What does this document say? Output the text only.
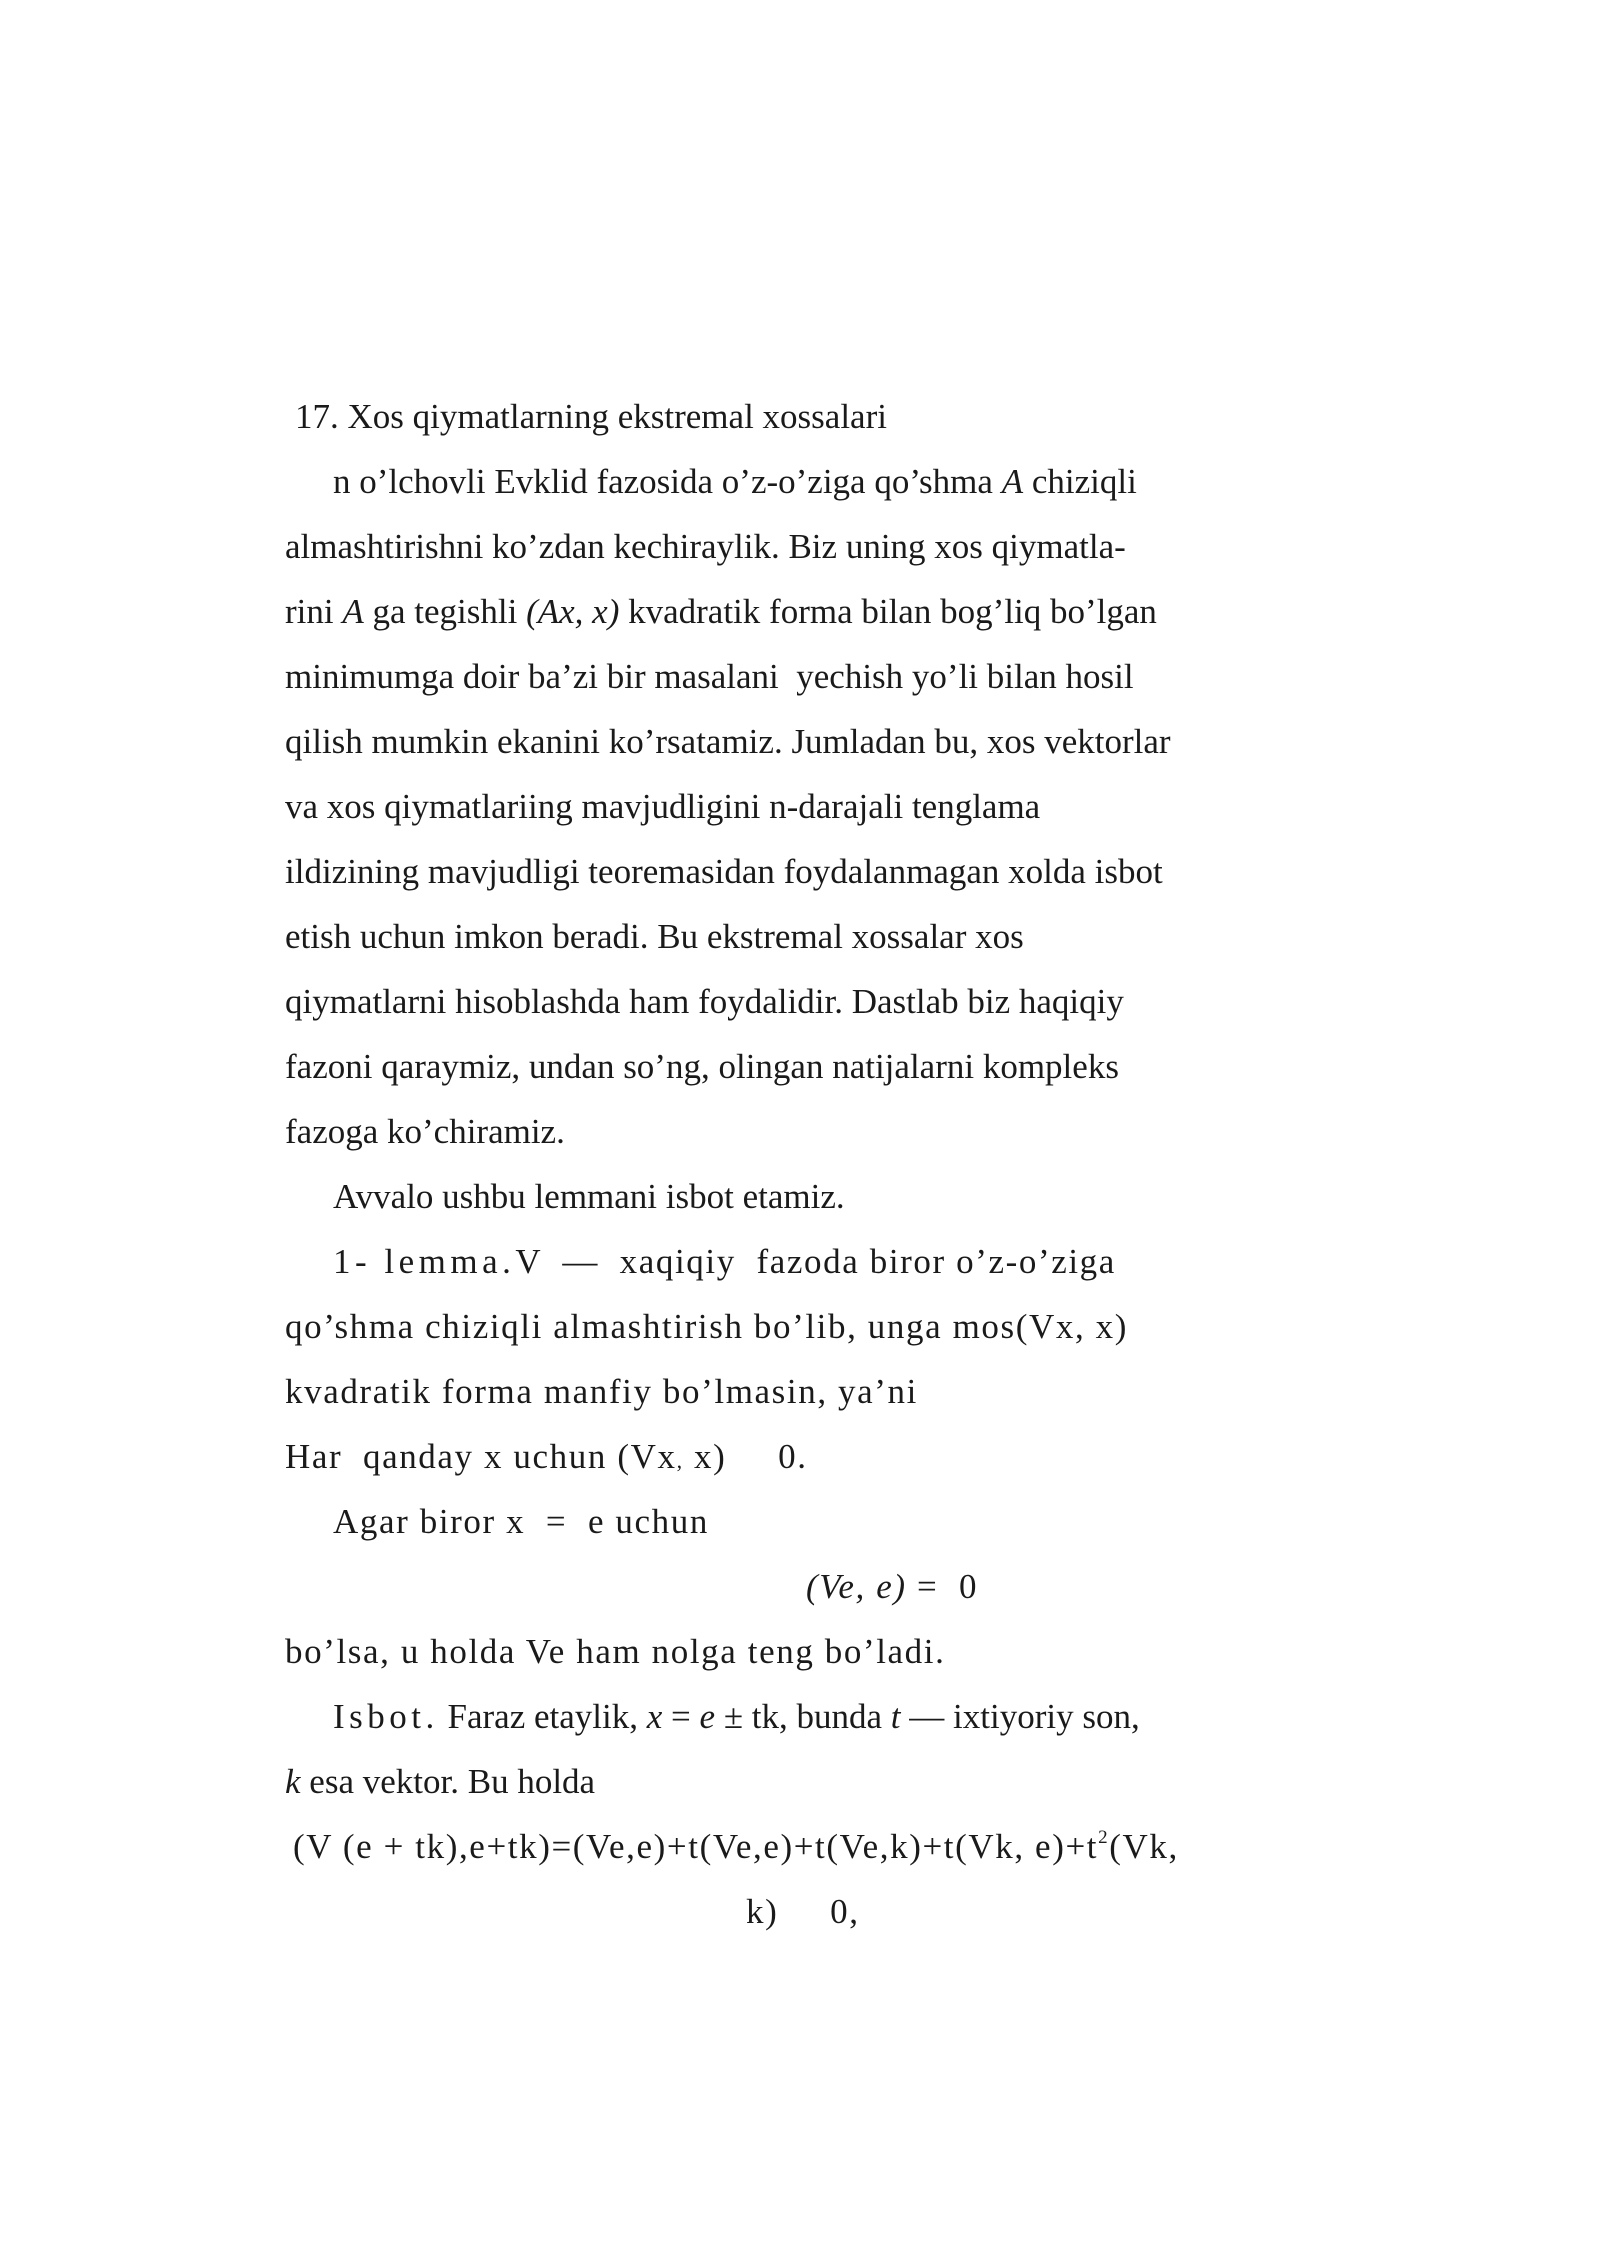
17. Xos qiymatlarning ekstremal xossalari
n o’lchovli Evklid fazosida o’z-o’ziga qo’shma A chiziqli
almashtirishni ko’zdan kechiraylik. Biz uning xos qiymatla-
rini A ga tegishli (Ax, x) kvadratik forma bilan bog’liq bo’lgan
minimumga doir ba’zi bir masalani  yechish yo’li bilan hosil
qilish mumkin ekanini ko’rsatamiz. Jumladan bu, xos vektorlar
va xos qiymatlariing mavjudligini n-darajali tenglama
ildizining mavjudligi teoremasidan foydalanmagan xolda isbot
etish uchun imkon beradi. Bu ekstremal xossalar xos
qiymatlarni hisoblashda ham foydalidir. Dastlab biz haqiqiy
fazoni qaraymiz, undan so’ng, olingan natijalarni kompleks
fazoga ko’chiramiz.
Avvalo ushbu lemmani isbot etamiz.
1- lemma.V  —  xaqiqiy  fazoda biror o’z-o’ziga
qo’shma chiziqli almashtirish bo’lib, unga mos(Vx, x)
kvadratik forma manfiy bo’lmasin, ya’ni
Har  qanday x uchun (Vx, x)     0.
Agar biror x  =  e uchun
(Ve, e) =  0
bo’lsa, u holda Ve ham nolga teng bo’ladi.
Isbot. Faraz etaylik, x = e ± tk, bunda t — ixtiyoriy son,
k esa vektor. Bu holda
(V (e + tk),e+tk)=(Ve,e)+t(Ve,e)+t(Ve,k)+t(Vk, $e)+t^2(Vk$,
k)     0,
